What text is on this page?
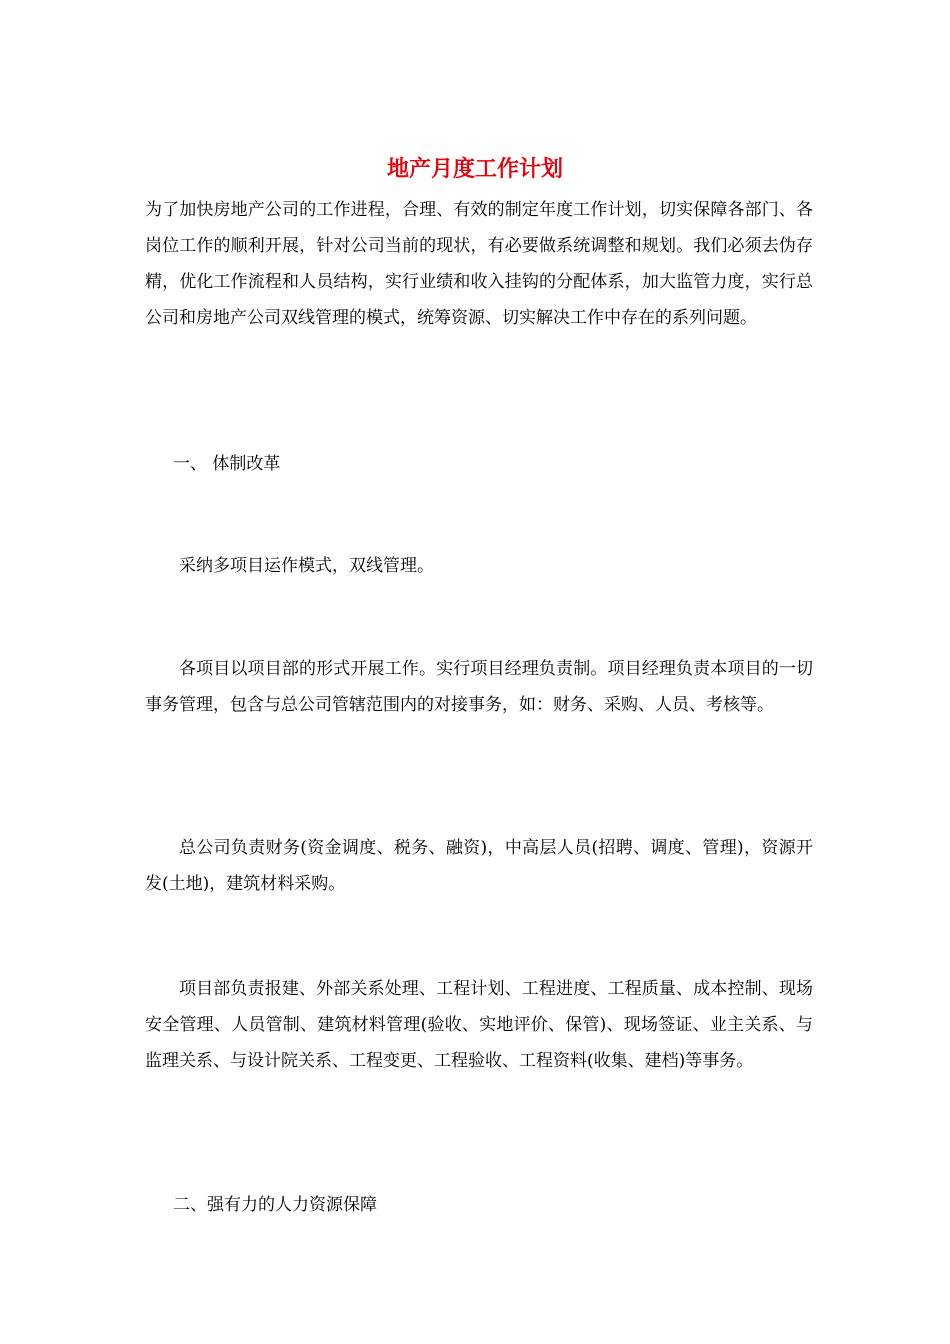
地产月度工作计划

为了加快房地产公司的工作进程，合理、有效的制定年度工作计划，切实保障各部门、各岗位工作的顺利开展，针对公司当前的现状，有必要做系统调整和规划。我们必须去伪存精，优化工作流程和人员结构，实行业绩和收入挂钩的分配体系，加大监管力度，实行总公司和房地产公司双线管理的模式，统筹资源、切实解决工作中存在的系列问题。

一、 体制改革

采纳多项目运作模式，双线管理。

各项目以项目部的形式开展工作。实行项目经理负责制。项目经理负责本项目的一切事务管理，包含与总公司管辖范围内的对接事务，如：财务、采购、人员、考核等。

总公司负责财务(资金调度、税务、融资)，中高层人员(招聘、调度、管理)，资源开发(土地)，建筑材料采购。

项目部负责报建、外部关系处理、工程计划、工程进度、工程质量、成本控制、现场安全管理、人员管制、建筑材料管理(验收、实地评价、保管)、现场签证、业主关系、与监理关系、与设计院关系、工程变更、工程验收、工程资料(收集、建档)等事务。

二、强有力的人力资源保障
